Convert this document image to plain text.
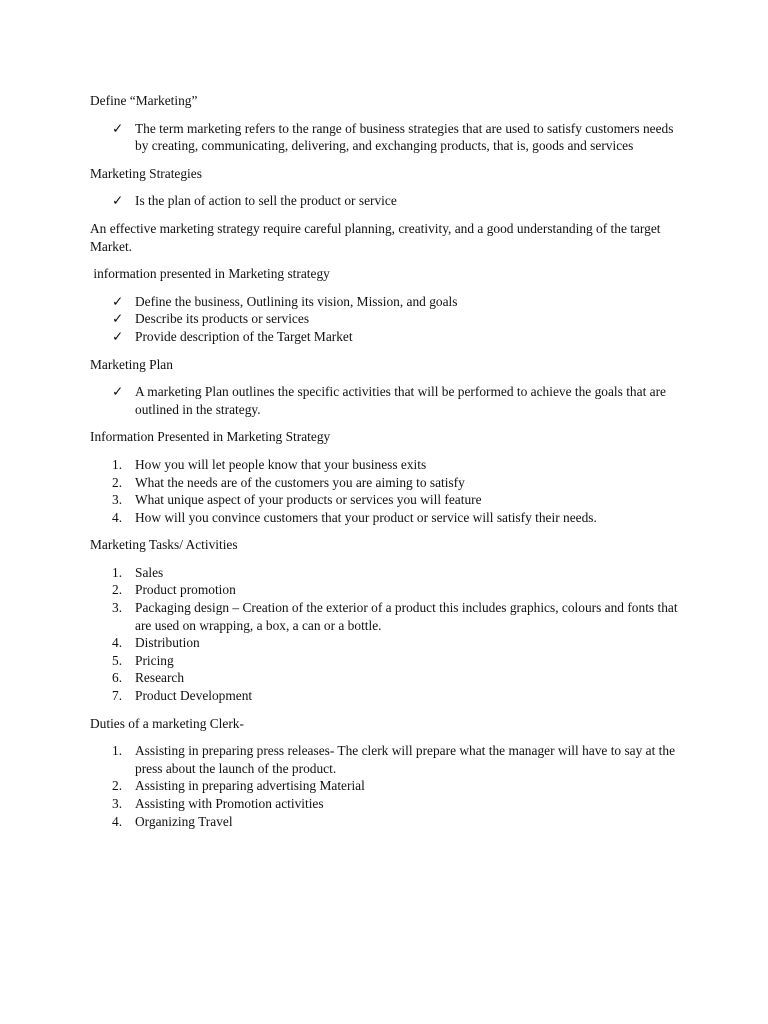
Define “Marketing”

✓ The term marketing refers to the range of business strategies that are used to satisfy customers needs by creating, communicating, delivering, and exchanging products, that is, goods and services

Marketing Strategies

✓ Is the plan of action to sell the product or service

An effective marketing strategy require careful planning, creativity, and a good understanding of the target Market.

information presented in Marketing strategy

✓ Define the business, Outlining its vision, Mission, and goals
✓ Describe its products or services
✓ Provide description of the Target Market

Marketing Plan

✓ A marketing Plan outlines the specific activities that will be performed to achieve the goals that are outlined in the strategy.

Information Presented in Marketing Strategy

1. How you will let people know that your business exits
2. What the needs are of the customers you are aiming to satisfy
3. What unique aspect of your products or services you will feature
4. How will you convince customers that your product or service will satisfy their needs.

Marketing Tasks/ Activities

1. Sales
2. Product promotion
3. Packaging design – Creation of the exterior of a product this includes graphics, colours and fonts that are used on wrapping, a box, a can or a bottle.
4. Distribution
5. Pricing
6. Research
7. Product Development

Duties of a marketing Clerk-

1. Assisting in preparing press releases- The clerk will prepare what the manager will have to say at the press about the launch of the product.
2. Assisting in preparing advertising Material
3. Assisting with Promotion activities
4. Organizing Travel
